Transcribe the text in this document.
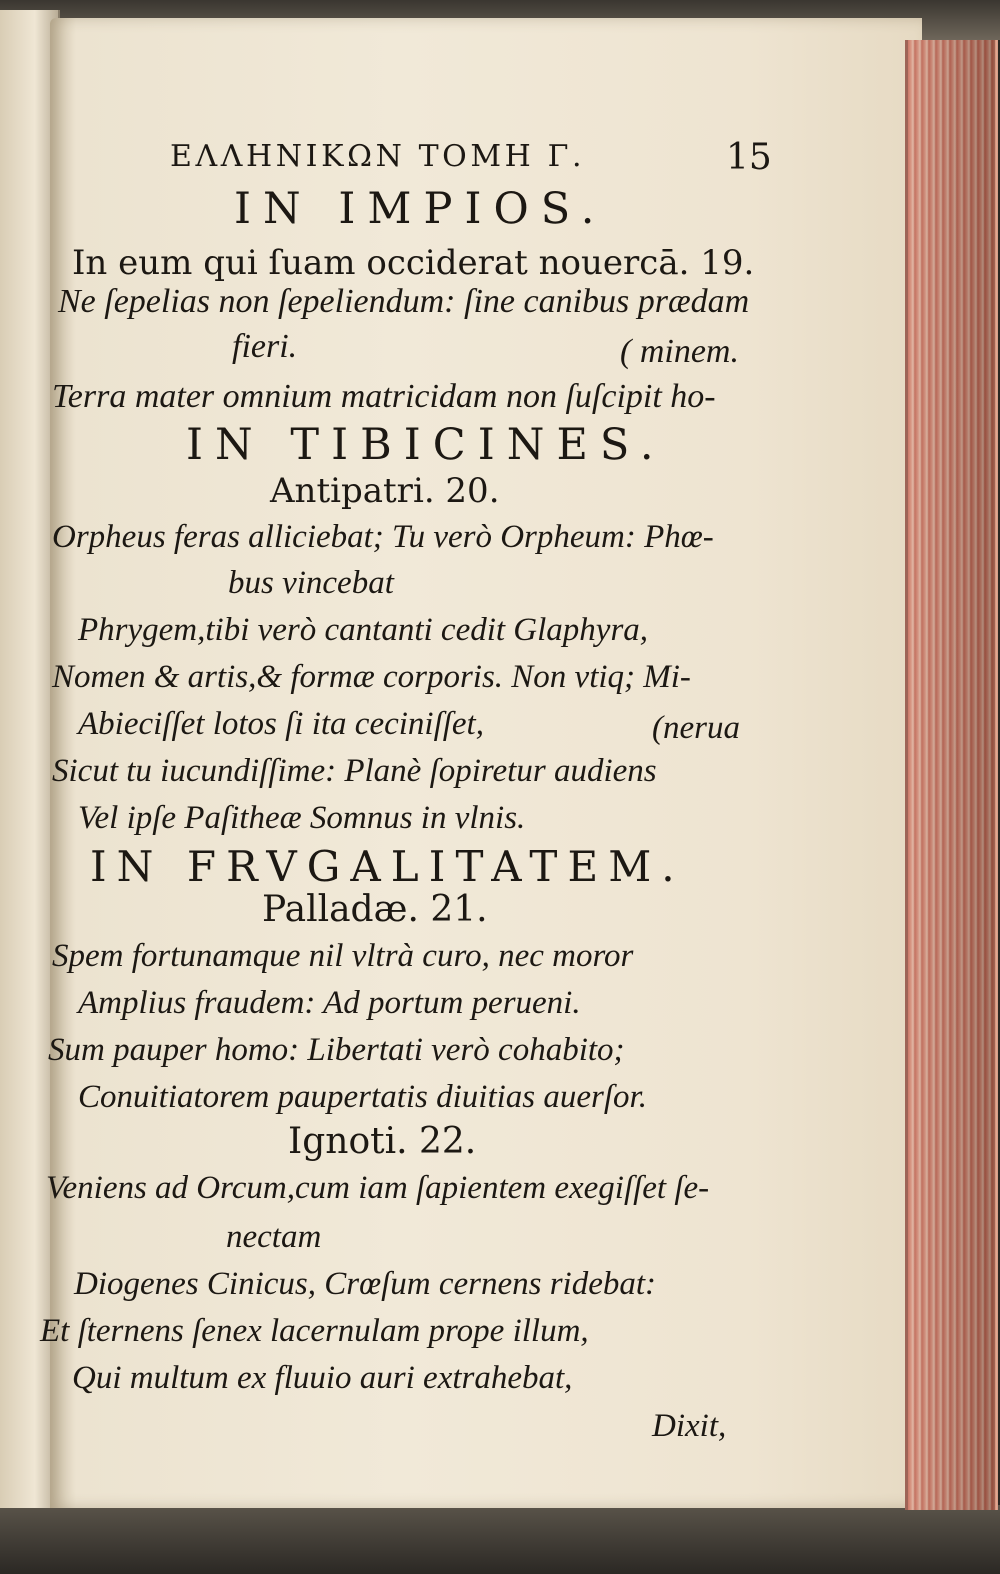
ΕΛΛΗΝΙΚΩΝ ΤΟΜΗ Γ.	15
IN IMPIOS.
In eum qui ſuam occiderat nouercā. 19.
Ne ſepelias non ſepeliendum: ſine canibus prædam
fieri.	( minem.
Terra mater omnium matricidam non ſuſcipit ho-
IN TIBICINES.
Antipatri. 20.
Orpheus feras alliciebat; Tu verò Orpheum: Phœ-
bus vincebat
Phrygem,tibi verò cantanti cedit Glaphyra,
Nomen & artis,& formæ corporis. Non vtiq; Mi-
Abieciſſet lotos ſi ita ceciniſſet,	(nerua
Sicut tu iucundiſſime: Planè ſopiretur audiens
Vel ipſe Paſitheæ Somnus in vlnis.
IN FRVGALITATEM.
Palladæ. 21.
Spem fortunamque nil vltrà curo, nec moror
Amplius fraudem: Ad portum perueni.
Sum pauper homo: Libertati verò cohabito;
Conuitiatorem paupertatis diuitias auerſor.
Ignoti. 22.
Veniens ad Orcum,cum iam ſapientem exegiſſet ſe-
nectam
Diogenes Cinicus, Crœſum cernens ridebat:
Et ſternens ſenex lacernulam prope illum,
Qui multum ex fluuio auri extrahebat,
Dixit,
